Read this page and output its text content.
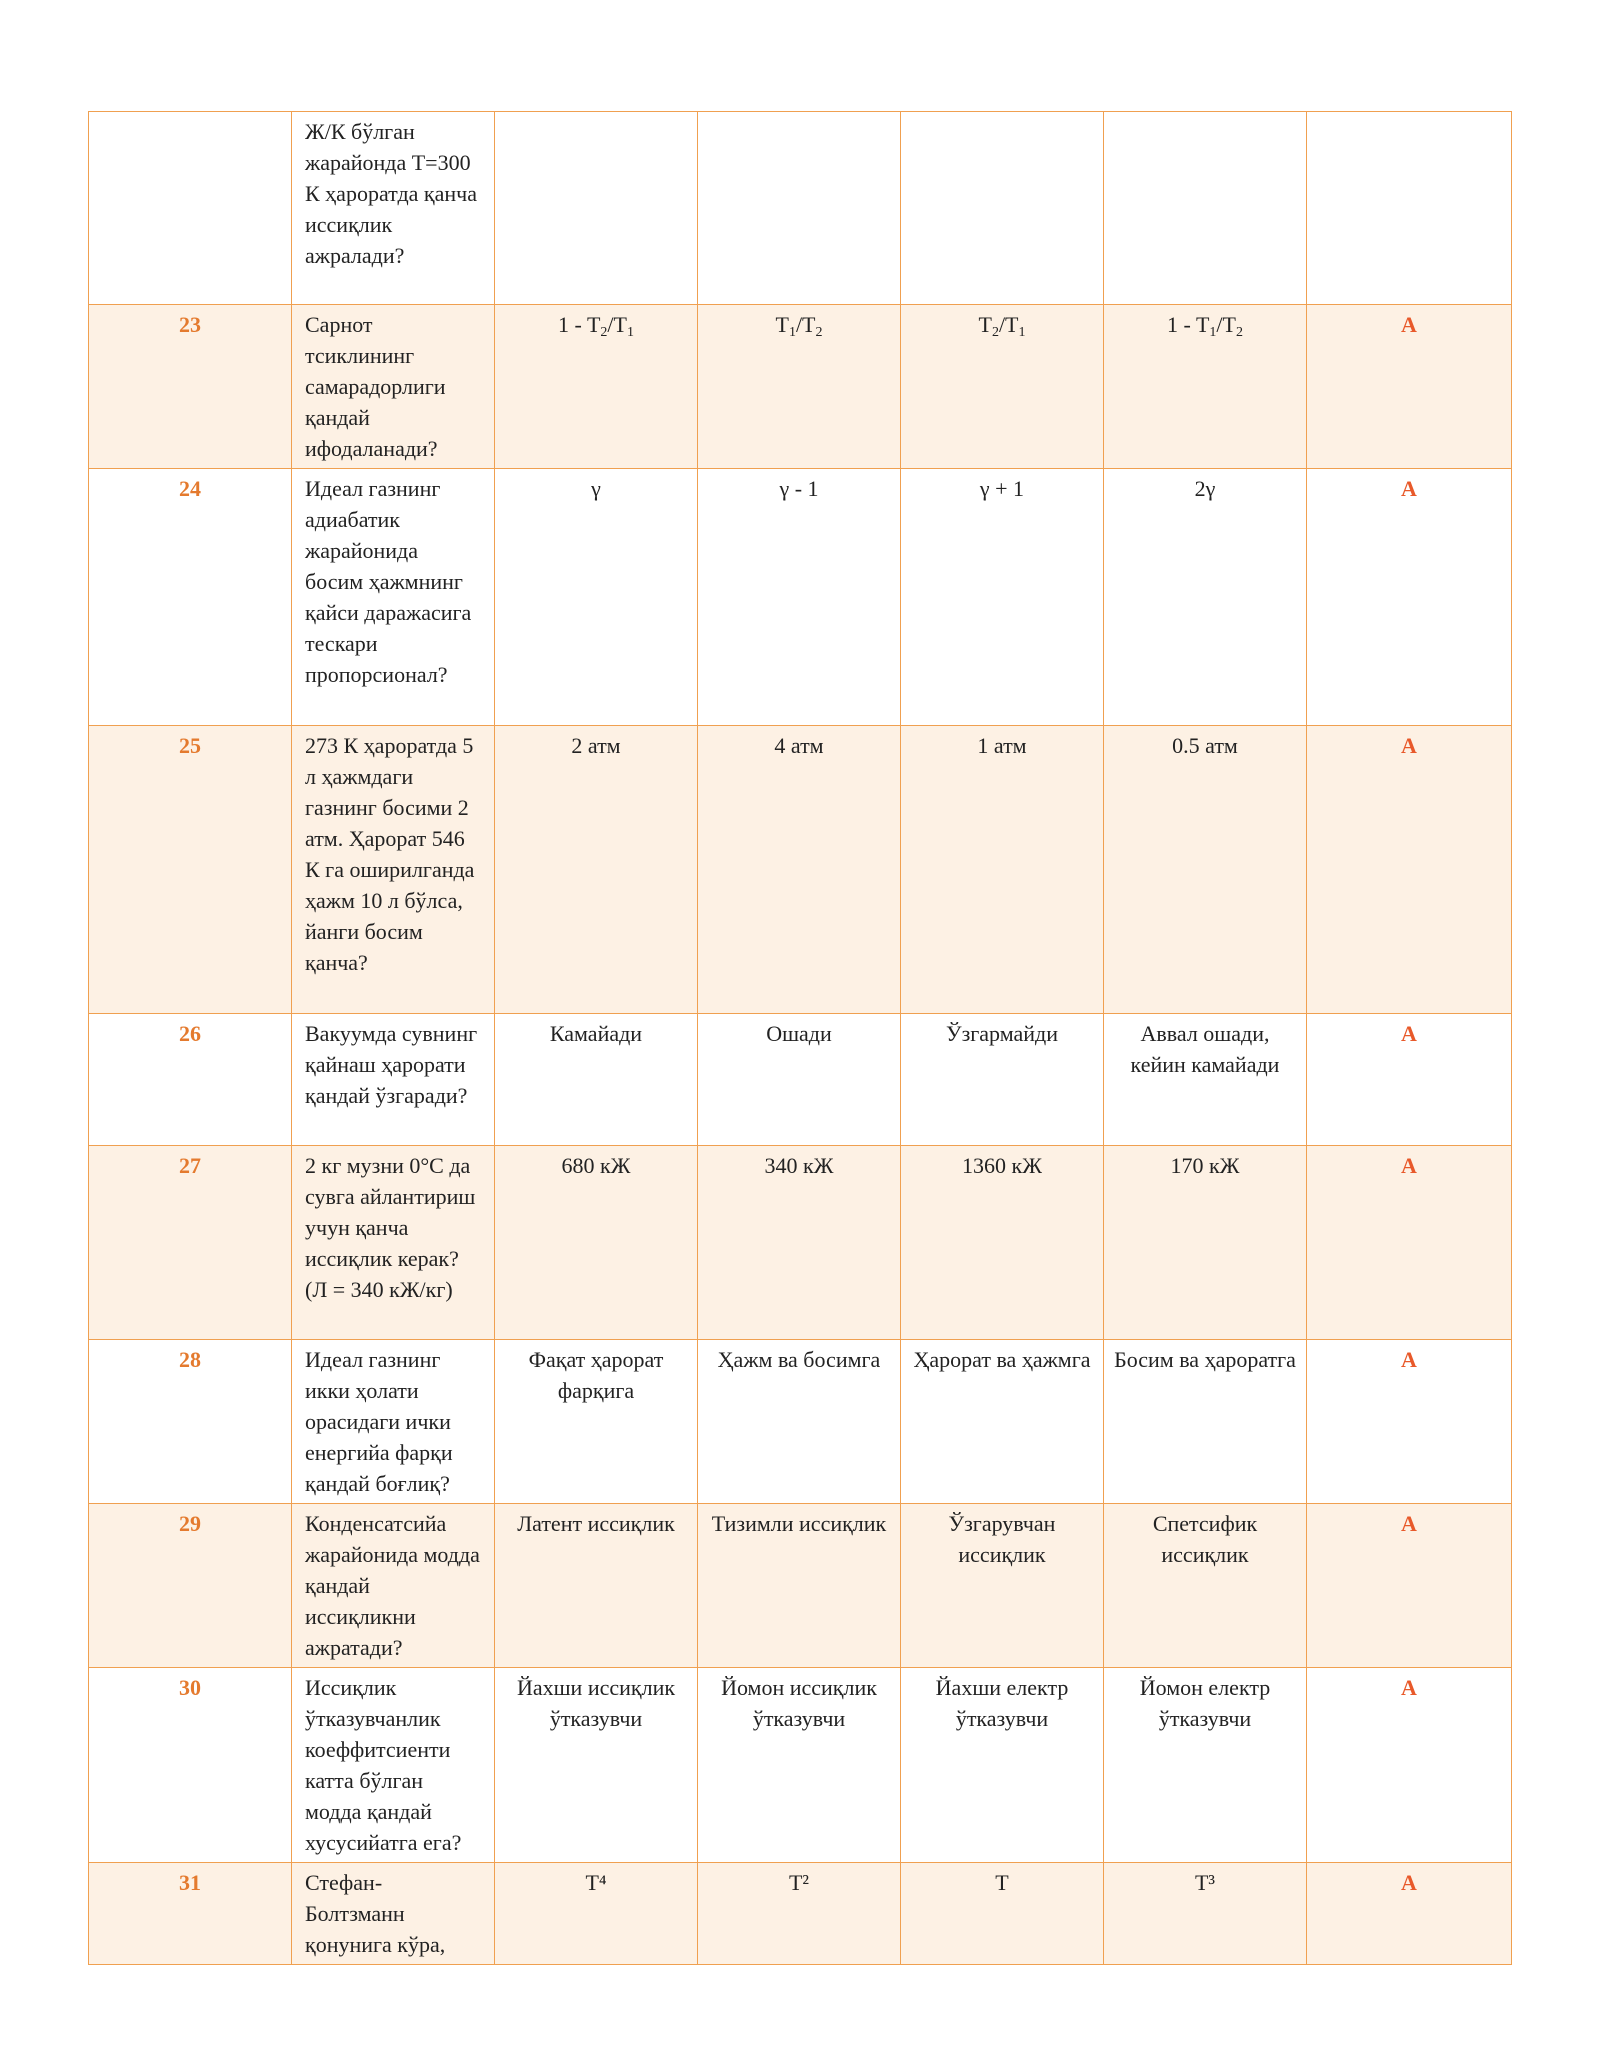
	Ж/К бўлган жарайонда Т=300 К ҳароратда қанча иссиқлик ажралади?					
23	Сарнот тсиклининг самарадорлиги қандай ифодаланади?	$1 - T_2/T_1$	$T_1/T_2$	$T_2/T_1$	$1 - T_1/T_2$	A
24	Идеал газнинг адиабатик жарайонида босим ҳажмнинг қайси даражасига тескари пропорсионал?	γ	γ - 1	γ + 1	2γ	A
25	273 К ҳароратда 5 л ҳажмдаги газнинг босими 2 атм. Ҳарорат 546 К га оширилганда ҳажм 10 л бўлса, йанги босим қанча?	2 атм	4 атм	1 атм	0.5 атм	A
26	Вакуумда сувнинг қайнаш ҳарорати қандай ўзгаради?	Камайади	Ошади	Ўзгармайди	Аввал ошади, кейин камайади	A
27	2 кг музни 0°C да сувга айлантириш учун қанча иссиқлик керак? (Л = 340 кЖ/кг)	680 кЖ	340 кЖ	1360 кЖ	170 кЖ	A
28	Идеал газнинг икки ҳолати орасидаги ички енергийа фарқи қандай боғлиқ?	Фақат ҳарорат фарқига	Ҳажм ва босимга	Ҳарорат ва ҳажмга	Босим ва ҳароратга	A
29	Конденсатсийа жарайонида модда қандай иссиқликни ажратади?	Латент иссиқлик	Тизимли иссиқлик	Ўзгарувчан иссиқлик	Спетсифик иссиқлик	A
30	Иссиқлик ўтказувчанлик коеффитсиенти катта бўлган модда қандай хусусийатга ега?	Йахши иссиқлик ўтказувчи	Йомон иссиқлик ўтказувчи	Йахши електр ўтказувчи	Йомон електр ўтказувчи	A
31	Стефан-Болтзманн қонунига кўра,	T⁴	T²	T	T³	A
